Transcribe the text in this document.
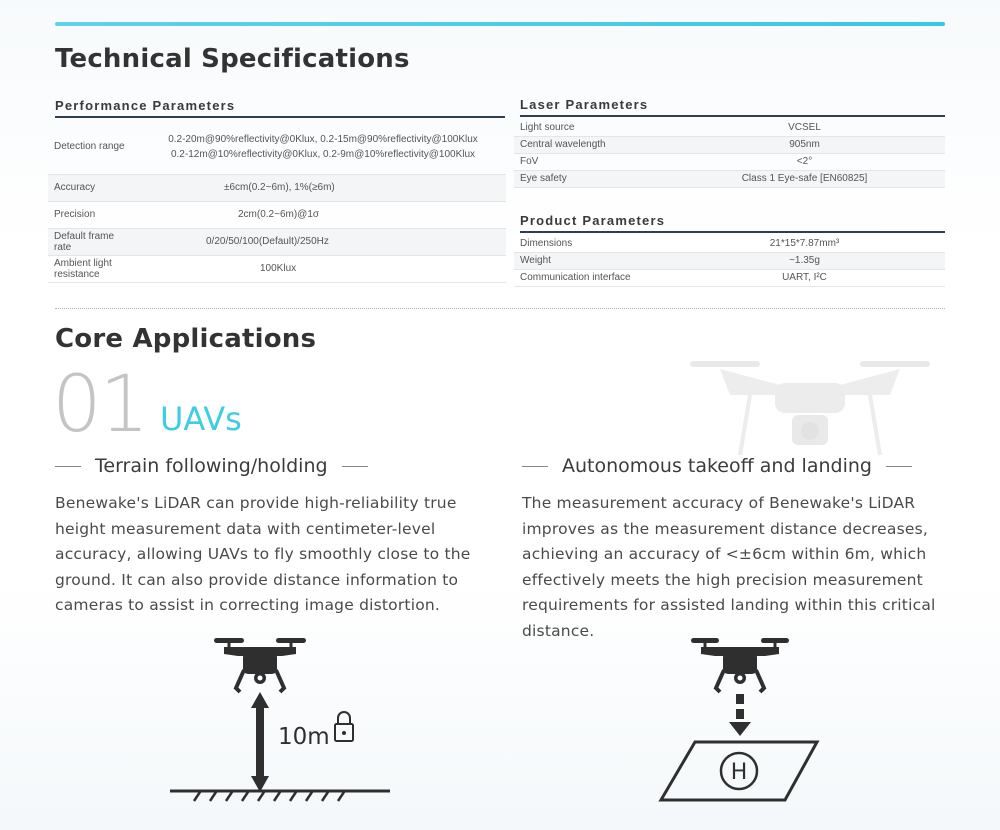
Technical Specifications
Performance Parameters
Detection range	0.2-20m@90%reflectivity@0Klux, 0.2-15m@90%reflectivity@100Klux
0.2-12m@10%reflectivity@0Klux, 0.2-9m@10%reflectivity@100Klux

Accuracy	±6cm(0.2~6m), 1%(≥6m)
Precision	2cm(0.2~6m)@1σ
Default frame rate	0/20/50/100(Default)/250Hz
Ambient light resistance	100Klux
Laser Parameters
Light source	VCSEL
Central wavelength	905nm
FoV	<2°
Eye safety	Class 1 Eye-safe [EN60825]
Product Parameters
Dimensions	21*15*7.87mm³
Weight	~1.35g
Communication interface	UART, I²C
Core Applications
01 UAVs
Terrain following/holding
Benewake's LiDAR can provide high-reliability true
height measurement data with centimeter-level
accuracy, allowing UAVs to fly smoothly close to the
ground. It can also provide distance information to
cameras to assist in correcting image distortion.
Autonomous takeoff and landing
The measurement accuracy of Benewake's LiDAR
improves as the measurement distance decreases,
achieving an accuracy of <±6cm within 6m, which
effectively meets the high precision measurement
requirements for assisted landing within this critical
distance.
10m
H
